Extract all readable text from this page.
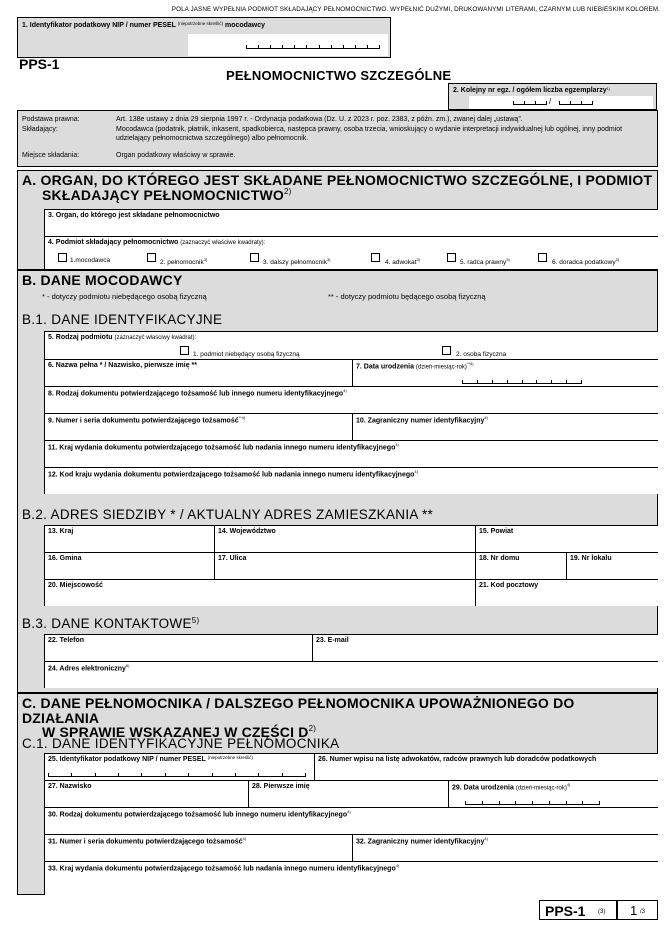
POLA JASNE WYPEŁNIA PODMIOT SKŁADAJĄCY PEŁNOMOCNICTWO. WYPEŁNIĆ DUŻYMI, DRUKOWANYMI LITERAMI, CZARNYM LUB NIEBIESKIM KOLOREM.
1. Identyfikator podatkowy NIP / numer PESEL $^{(niepotrzebne skreślić)}$ mocodawcy
PPS-1
PEŁNOMOCNICTWO SZCZEGÓLNE
2. Kolejny nr egz. / ogółem liczba egzemplarzy$^{1)}$
/
Podstawa prawna:	Art. 138e ustawy z dnia 29 sierpnia 1997 r. - Ordynacja podatkowa (Dz. U. z 2023 r. poz. 2383, z późn. zm.), zwanej dalej „ustawą”.
Składający:	Mocodawca (podatnik, płatnik, inkasent, spadkobierca, następca prawny, osoba trzecia, wnioskujący o wydanie interpretacji indywidualnej lub ogólnej, inny podmiot udzielający pełnomocnictwa szczególnego) albo pełnomocnik.
Miejsce składania:	Organ podatkowy właściwy w sprawie.
A. ORGAN, DO KTÓREGO JEST SKŁADANE PEŁNOMOCNICTWO SZCZEGÓLNE, I PODMIOT
SKŁADAJĄCY PEŁNOMOCNICTWO$^{2)}$
3. Organ, do którego jest składane pełnomocnictwo
4. Podmiot składający pełnomocnictwo (zaznaczyć właściwe kwadraty):
1.mocodawca	2. pełnomocnik$^{3)}$	3. dalszy pełnomocnik$^{3)}$	4. adwokat$^{3)}$	5. radca prawny$^{3)}$	6. doradca podatkowy$^{3)}$
B. DANE MOCODAWCY
* - dotyczy podmiotu niebędącego osobą fizyczną	** - dotyczy podmiotu będącego osobą fizyczną
B.1. DANE IDENTYFIKACYJNE
5. Rodzaj podmiotu (zaznaczyć właściwy kwadrat):
1. podmiot niebędący osobą fizyczną	2. osoba fizyczna
6. Nazwa pełna * / Nazwisko, pierwsze imię **	7. Data urodzenia (dzień-miesiąc-rok)$^{**4)}$
8. Rodzaj dokumentu potwierdzającego tożsamość lub innego numeru identyfikacyjnego$^{4)}$
9. Numer i seria dokumentu potwierdzającego tożsamość$^{**4)}$	10. Zagraniczny numer identyfikacyjny$^{4)}$
11. Kraj wydania dokumentu potwierdzającego tożsamość lub nadania innego numeru identyfikacyjnego$^{4)}$
12. Kod kraju wydania dokumentu potwierdzającego tożsamość lub nadania innego numeru identyfikacyjnego$^{4)}$
B.2. ADRES SIEDZIBY * / AKTUALNY ADRES ZAMIESZKANIA **
13. Kraj	14. Województwo	15. Powiat
16. Gmina	17. Ulica	18. Nr domu	19. Nr lokalu
20. Miejscowość	21. Kod pocztowy
B.3. DANE KONTAKTOWE$^{5)}$
22. Telefon	23. E-mail
24. Adres elektroniczny$^{6)}$
C. DANE PEŁNOMOCNIKA / DALSZEGO PEŁNOMOCNIKA UPOWAŻNIONEGO DO DZIAŁANIA
W SPRAWIE WSKAZANEJ W CZĘŚCI $D^{2)}$
C.1. DANE IDENTYFIKACYJNE PEŁNOMOCNIKA
25. Identyfikator podatkowy NIP / numer PESEL $^{(niepotrzebne skreślić)}$	26. Numer wpisu na listę adwokatów, radców prawnych lub doradców podatkowych
27. Nazwisko	28. Pierwsze imię	29. Data urodzenia (dzień-miesiąc-rok)$^{4)}$
30. Rodzaj dokumentu potwierdzającego tożsamość lub innego numeru identyfikacyjnego$^{4)}$
31. Numer i seria dokumentu potwierdzającego tożsamość$^{4)}$	32. Zagraniczny numer identyfikacyjny$^{4)}$
33. Kraj wydania dokumentu potwierdzającego tożsamość lub nadania innego numeru identyfikacyjnego$^{4)}$
PPS-1 (3) 1 /3
